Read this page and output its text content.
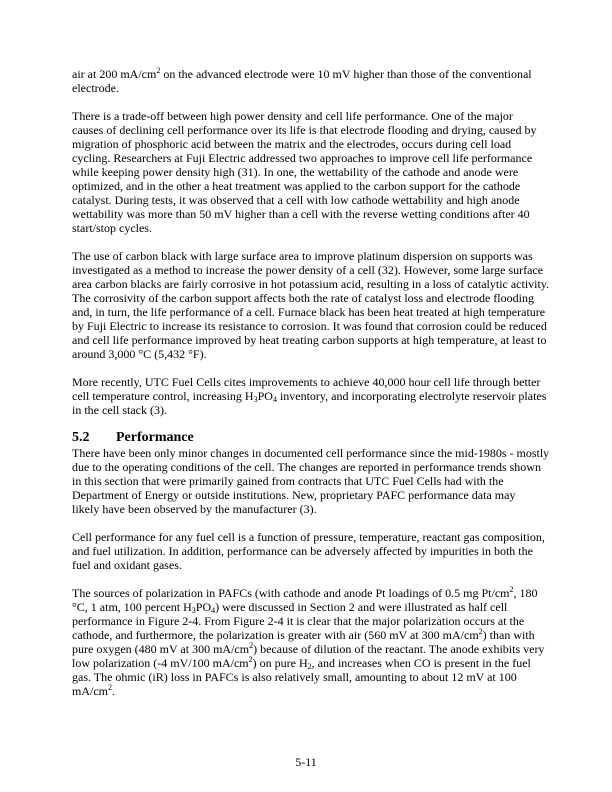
air at 200 $mA/cm^2$ on the advanced electrode were 10 mV higher than those of the conventional
electrode.

There is a trade-off between high power density and cell life performance. One of the major
causes of declining cell performance over its life is that electrode flooding and drying, caused by
migration of phosphoric acid between the matrix and the electrodes, occurs during cell load
cycling. Researchers at Fuji Electric addressed two approaches to improve cell life performance
while keeping power density high (31). In one, the wettability of the cathode and anode were
optimized, and in the other a heat treatment was applied to the carbon support for the cathode
catalyst. During tests, it was observed that a cell with low cathode wettability and high anode
wettability was more than 50 mV higher than a cell with the reverse wetting conditions after 40
start/stop cycles.

The use of carbon black with large surface area to improve platinum dispersion on supports was
investigated as a method to increase the power density of a cell (32). However, some large surface
area carbon blacks are fairly corrosive in hot potassium acid, resulting in a loss of catalytic activity.
The corrosivity of the carbon support affects both the rate of catalyst loss and electrode flooding
and, in turn, the life performance of a cell. Furnace black has been heat treated at high temperature
by Fuji Electric to increase its resistance to corrosion. It was found that corrosion could be reduced
and cell life performance improved by heat treating carbon supports at high temperature, at least to
around 3,000 °C (5,432 °F).

More recently, UTC Fuel Cells cites improvements to achieve 40,000 hour cell life through better
cell temperature control, increasing $H_3PO_4$ inventory, and incorporating electrolyte reservoir plates
in the cell stack (3).

5.2 Performance

There have been only minor changes in documented cell performance since the mid-1980s - mostly
due to the operating conditions of the cell. The changes are reported in performance trends shown
in this section that were primarily gained from contracts that UTC Fuel Cells had with the
Department of Energy or outside institutions. New, proprietary PAFC performance data may
likely have been observed by the manufacturer (3).

Cell performance for any fuel cell is a function of pressure, temperature, reactant gas composition,
and fuel utilization. In addition, performance can be adversely affected by impurities in both the
fuel and oxidant gases.

The sources of polarization in PAFCs (with cathode and anode Pt loadings of 0.5 mg $Pt/cm^2$, 180
°C, 1 atm, 100 percent $H_3PO_4$) were discussed in Section 2 and were illustrated as half cell
performance in Figure 2-4. From Figure 2-4 it is clear that the major polarization occurs at the
cathode, and furthermore, the polarization is greater with air (560 mV at 300 $mA/cm^2$) than with
pure oxygen (480 mV at 300 $mA/cm^2$) because of dilution of the reactant. The anode exhibits very
low polarization (-4 mV/100 $mA/cm^2$) on pure $H_2$, and increases when CO is present in the fuel
gas. The ohmic (iR) loss in PAFCs is also relatively small, amounting to about 12 mV at 100
$mA/cm^2$.

5-11
